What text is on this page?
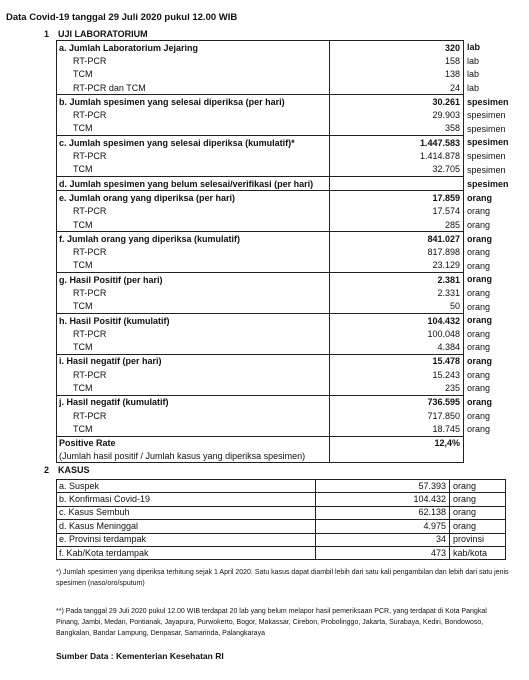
Data Covid-19 tanggal 29 Juli 2020 pukul 12.00 WIB
1 UJI LABORATORIUM
a. Jumlah Laboratorium Jejaring	320	lab
RT-PCR	158	lab
TCM	138	lab
RT-PCR dan TCM	24	lab
b. Jumlah spesimen yang selesai diperiksa (per hari)	30.261	spesimen
RT-PCR	29.903	spesimen
TCM	358	spesimen
c. Jumlah spesimen yang selesai diperiksa (kumulatif)*	1.447.583	spesimen
RT-PCR	1.414.878	spesimen
TCM	32.705	spesimen
d. Jumlah spesimen yang belum selesai/verifikasi (per hari)		spesimen
e. Jumlah orang yang diperiksa (per hari)	17.859	orang
RT-PCR	17.574	orang
TCM	285	orang
f. Jumlah orang yang diperiksa (kumulatif)	841.027	orang
RT-PCR	817.898	orang
TCM	23.129	orang
g. Hasil Positif (per hari)	2.381	orang
RT-PCR	2.331	orang
TCM	50	orang
h. Hasil Positif (kumulatif)	104.432	orang
RT-PCR	100.048	orang
TCM	4.384	orang
i. Hasil negatif (per hari)	15.478	orang
RT-PCR	15.243	orang
TCM	235	orang
j. Hasil negatif (kumulatif)	736.595	orang
RT-PCR	717.850	orang
TCM	18.745	orang
Positive Rate	12,4%	
(Jumlah hasil positif / Jumlah kasus yang diperiksa spesimen)		
2 KASUS
a. Suspek	57.393	orang
b. Konfirmasi Covid-19	104.432	orang
c. Kasus Sembuh	62.138	orang
d. Kasus Meninggal	4.975	orang
e. Provinsi terdampak	34	provinsi
f. Kab/Kota terdampak	473	kab/kota
*) Jumlah spesimen yang diperiksa terhitung sejak 1 April 2020. Satu kasus dapat diambil lebih dari satu kali pengambilan dan lebih dari satu jenis spesimen (naso/oro/sputum)
**) Pada tanggal 29 Juli 2020 pukul 12.00 WIB terdapat 20 lab yang belum melapor hasil pemeriksaan PCR, yang terdapat di Kota Pangkal Pinang, Jambi, Medan, Pontianak, Jayapura, Purwokerto, Bogor, Makassar, Cirebon, Probolinggo, Jakarta, Surabaya, Kediri, Bondowoso, Bangkalan, Bandar Lampung, Denpasar, Samarinda, Palangkaraya
Sumber Data : Kementerian Kesehatan RI
